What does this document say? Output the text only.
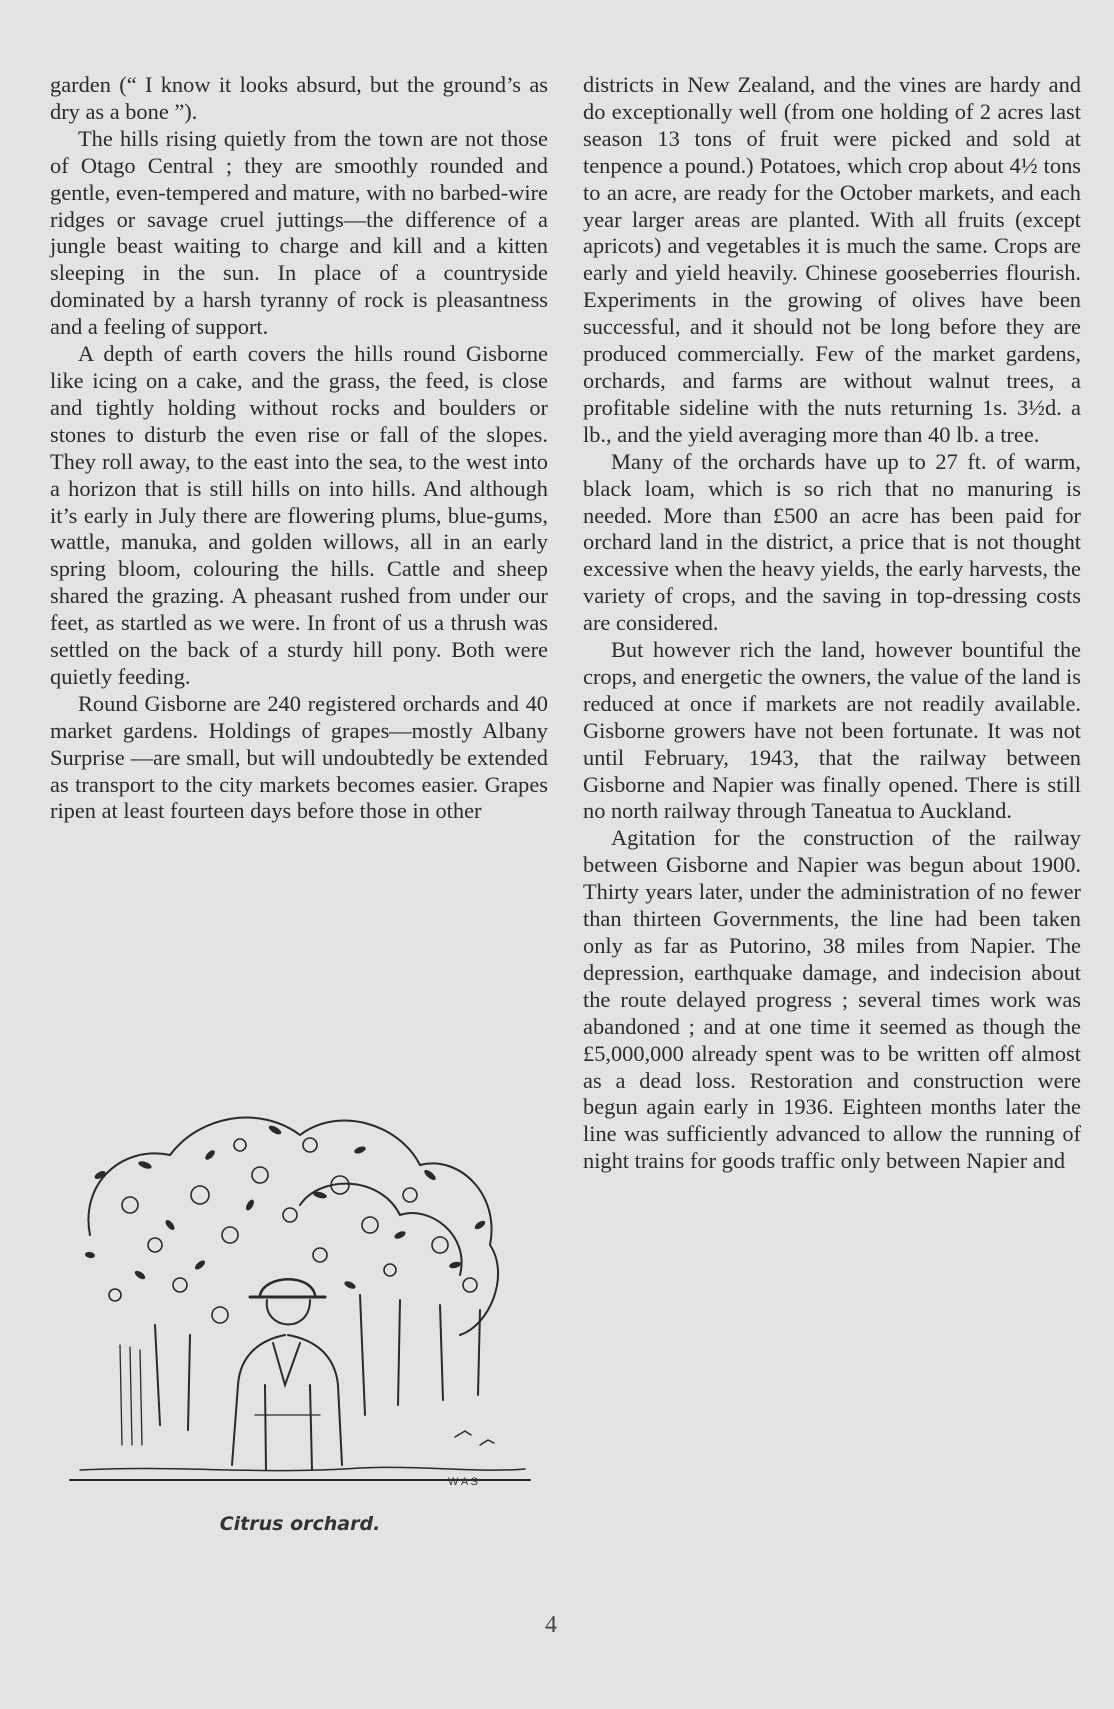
garden (“ I know it looks absurd, but the ground’s as dry as a bone ”).

The hills rising quietly from the town are not those of Otago Central ; they are smoothly rounded and gentle, even-tempered and mature, with no barbed-wire ridges or savage cruel juttings—the difference of a jungle beast waiting to charge and kill and a kitten sleeping in the sun. In place of a countryside dominated by a harsh tyranny of rock is pleasantness and a feeling of support.

A depth of earth covers the hills round Gisborne like icing on a cake, and the grass, the feed, is close and tightly holding without rocks and boulders or stones to disturb the even rise or fall of the slopes. They roll away, to the east into the sea, to the west into a horizon that is still hills on into hills. And although it’s early in July there are flowering plums, blue-gums, wattle, manuka, and golden willows, all in an early spring bloom, colouring the hills. Cattle and sheep shared the grazing. A pheasant rushed from under our feet, as startled as we were. In front of us a thrush was settled on the back of a sturdy hill pony. Both were quietly feeding.

Round Gisborne are 240 registered orchards and 40 market gardens. Holdings of grapes—mostly Albany Surprise —are small, but will undoubtedly be extended as transport to the city markets becomes easier. Grapes ripen at least fourteen days before those in other

W A S
Citrus orchard.

districts in New Zealand, and the vines are hardy and do exceptionally well (from one holding of 2 acres last season 13 tons of fruit were picked and sold at tenpence a pound.) Potatoes, which crop about 4½ tons to an acre, are ready for the October markets, and each year larger areas are planted. With all fruits (except apricots) and vegetables it is much the same. Crops are early and yield heavily. Chinese gooseberries flourish. Experiments in the growing of olives have been successful, and it should not be long before they are produced commercially. Few of the market gardens, orchards, and farms are without walnut trees, a profitable sideline with the nuts returning 1s. 3½d. a lb., and the yield averaging more than 40 lb. a tree.

Many of the orchards have up to 27 ft. of warm, black loam, which is so rich that no manuring is needed. More than £500 an acre has been paid for orchard land in the district, a price that is not thought excessive when the heavy yields, the early harvests, the variety of crops, and the saving in top-dressing costs are considered.

But however rich the land, however bountiful the crops, and energetic the owners, the value of the land is reduced at once if markets are not readily available. Gisborne growers have not been fortunate. It was not until February, 1943, that the railway between Gisborne and Napier was finally opened. There is still no north railway through Taneatua to Auckland.

Agitation for the construction of the railway between Gisborne and Napier was begun about 1900. Thirty years later, under the administration of no fewer than thirteen Governments, the line had been taken only as far as Putorino, 38 miles from Napier. The depression, earthquake damage, and indecision about the route delayed progress ; several times work was abandoned ; and at one time it seemed as though the £5,000,000 already spent was to be written off almost as a dead loss. Restoration and construction were begun again early in 1936. Eighteen months later the line was sufficiently advanced to allow the running of night trains for goods traffic only between Napier and

4
